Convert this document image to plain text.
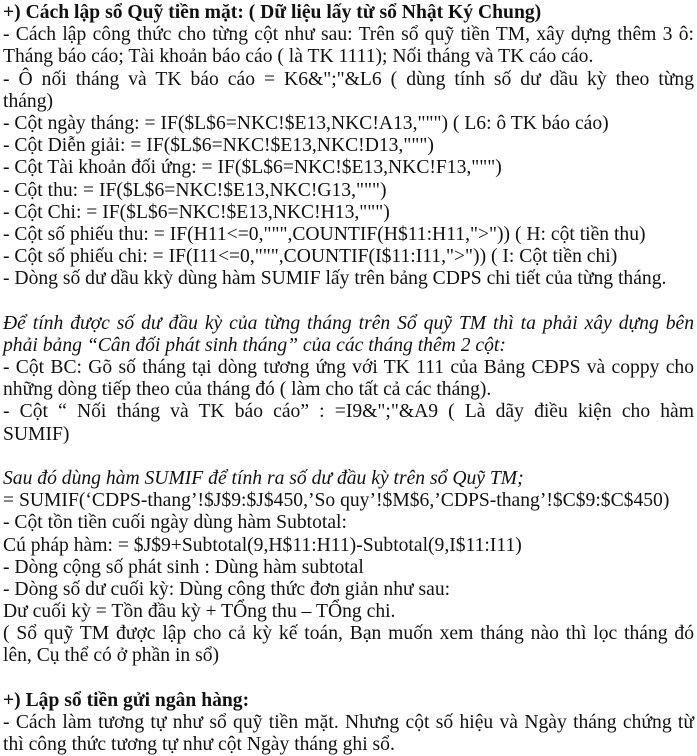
+) Cách lập sổ Quỹ tiền mặt: ( Dữ liệu lấy từ sổ Nhật Ký Chung)
- Cách lập công thức cho từng cột như sau: Trên sổ quỹ tiền TM, xây dựng thêm 3 ô:
Tháng báo cáo; Tài khoản báo cáo ( là TK 1111); Nối tháng và TK cáo cáo.
- Ô nối tháng và TK báo cáo = K6&";"&L6 ( dùng tính số dư dầu kỳ theo từng
tháng)
- Cột ngày tháng: = IF($L$6=NKC!$E13,NKC!A13,""") ( L6: ô TK báo cáo)
- Cột Diễn giải: = IF($L$6=NKC!$E13,NKC!D13,""")
- Cột Tài khoản đối ứng: = IF($L$6=NKC!$E13,NKC!F13,""")
- Cột thu: = IF($L$6=NKC!$E13,NKC!G13,""")
- Cột Chi: = IF($L$6=NKC!$E13,NKC!H13,""")
- Cột số phiếu thu: = IF(H11<=0,""",COUNTIF(H$11:H11,">")) ( H: cột tiền thu)
- Cột số phiếu chi: = IF(I11<=0,""",COUNTIF(I$11:I11,">")) ( I: Cột tiền chi)
- Dòng số dư dầu kkỳ dùng hàm SUMIF lấy trên bảng CDPS chi tiết của từng tháng.
Để tính được số dư đầu kỳ của từng tháng trên Sổ quỹ TM thì ta phải xây dựng bên
phải bảng “Cân đối phát sinh tháng” của các tháng thêm 2 cột:
- Cột BC: Gõ số tháng tại dòng tương ứng với TK 111 của Bảng CĐPS và coppy cho
những dòng tiếp theo của tháng đó ( làm cho tất cả các tháng).
- Cột “ Nối tháng và TK báo cáo” : =I9&";"&A9 ( Là dãy điều kiện cho hàm
SUMIF)
Sau đó dùng hàm SUMIF để tính ra số dư đầu kỳ trên sổ Quỹ TM;
= SUMIF(‘CDPS-thang’!$J$9:$J$450,’So quy’!$M$6,’CDPS-thang’!$C$9:$C$450)
- Cột tồn tiền cuối ngày dùng hàm Subtotal:
Cú pháp hàm: = $J$9+Subtotal(9,H$11:H11)-Subtotal(9,I$11:I11)
- Dòng cộng số phát sinh : Dùng hàm subtotal
- Dòng số dư cuối kỳ: Dùng công thức đơn giản như sau:
Dư cuối kỳ = Tồn đầu kỳ + TỔng thu – TỔng chi.
( Sổ quỹ TM được lập cho cả kỳ kế toán, Bạn muốn xem tháng nào thì lọc tháng đó
lên, Cụ thể có ở phần in sổ)
+) Lập sổ tiền gửi ngân hàng:
- Cách làm tương tự như sổ quỹ tiền mặt. Nhưng cột số hiệu và Ngày tháng chứng từ
thì công thức tương tự như cột Ngày tháng ghi sổ.
